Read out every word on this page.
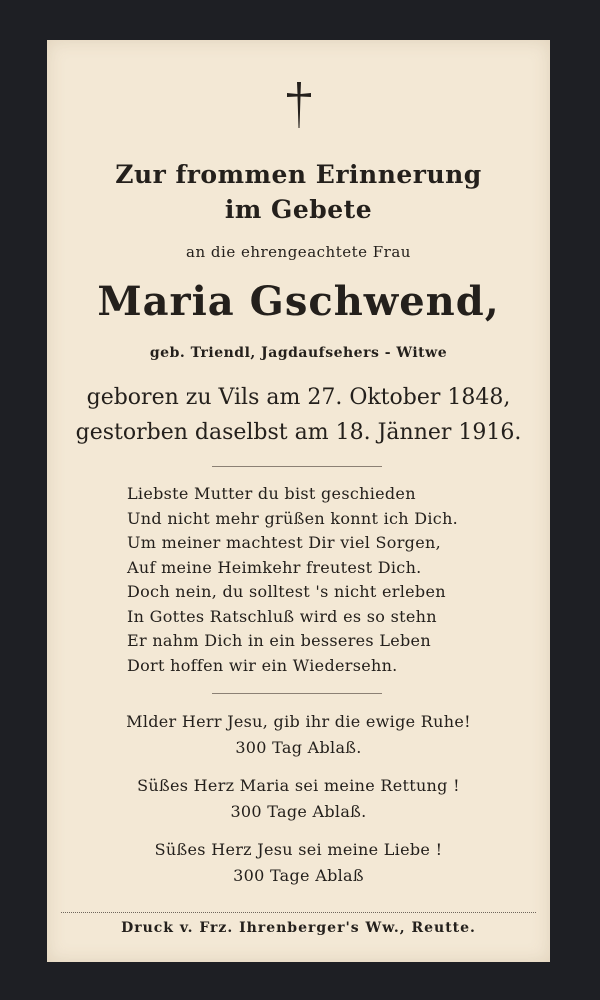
Zur frommen Erinnerung
im Gebete
an die ehrengeachtete Frau
Maria Gschwend,
geb. Triendl, Jagdaufsehers - Witwe
geboren zu Vils am 27. Oktober 1848,
gestorben daselbst am 18. Jänner 1916.
Liebste Mutter du bist geschieden
Und nicht mehr grüßen konnt ich Dich.
Um meiner machtest Dir viel Sorgen,
Auf meine Heimkehr freutest Dich.
Doch nein, du solltest 's nicht erleben
In Gottes Ratschluß wird es so stehn
Er nahm Dich in ein besseres Leben
Dort hoffen wir ein Wiedersehn.
Mlder Herr Jesu, gib ihr die ewige Ruhe!
300 Tag Ablaß.
Süßes Herz Maria sei meine Rettung !
300 Tage Ablaß.
Süßes Herz Jesu sei meine Liebe !
300 Tage Ablaß
Druck v. Frz. Ihrenberger's Ww., Reutte.
